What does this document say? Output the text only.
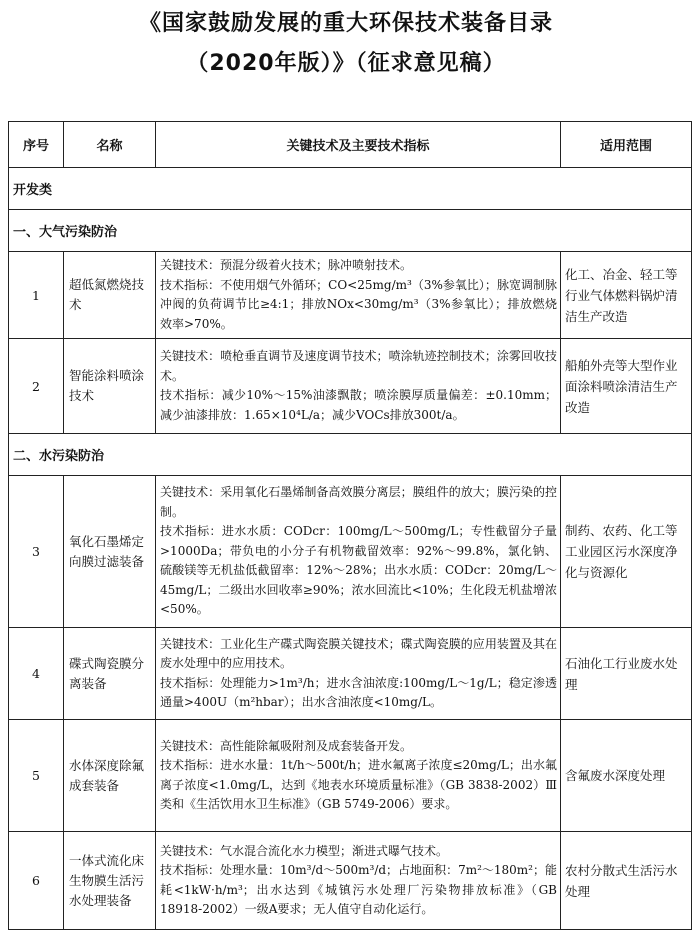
《国家鼓励发展的重大环保技术装备目录
（2020年版）》（征求意见稿）
序号	名称	关键技术及主要技术指标	适用范围
开发类			
一、大气污染防治			
1	超低氮燃烧技术	关键技术：预混分级着火技术；脉冲喷射技术。

技术指标：不使用烟气外循环；CO<25mg/m³（3%参氧比）；脉宽调制脉冲阀的负荷调节比≥4:1；排放NOx<30mg/m³（3%参氧比）；排放燃烧效率>70%。	化工、冶金、轻工等行业气体燃料锅炉清洁生产改造
2	智能涂料喷涂技术	关键技术：喷枪垂直调节及速度调节技术；喷涂轨迹控制技术；涂雾回收技术。

技术指标：减少10%～15%油漆飘散；喷涂膜厚质量偏差：±0.10mm；减少油漆排放：1.65×10⁴L/a；减少VOCs排放300t/a。	船舶外壳等大型作业面涂料喷涂清洁生产改造
二、水污染防治			
3	氧化石墨烯定向膜过滤装备	关键技术：采用氧化石墨烯制备高效膜分离层；膜组件的放大；膜污染的控制。

技术指标：进水水质：CODcr：100mg/L～500mg/L；专性截留分子量>1000Da；带负电的小分子有机物截留效率：92%～99.8%，氯化钠、硫酸镁等无机盐低截留率：12%～28%；出水水质：CODcr：20mg/L～45mg/L；二级出水回收率≥90%；浓水回流比<10%；生化段无机盐增浓<50%。	制药、农药、化工等工业园区污水深度净化与资源化
4	碟式陶瓷膜分离装备	关键技术：工业化生产碟式陶瓷膜关键技术；碟式陶瓷膜的应用装置及其在废水处理中的应用技术。

技术指标：处理能力>1m³/h；进水含油浓度:100mg/L～1g/L；稳定渗透通量>400U（m²hbar）；出水含油浓度<10mg/L。	石油化工行业废水处理
5	水体深度除氟成套装备	关键技术：高性能除氟吸附剂及成套装备开发。

技术指标：进水水量：1t/h～500t/h；进水氟离子浓度≤20mg/L；出水氟离子浓度<1.0mg/L，达到《地表水环境质量标准》（GB 3838-2002）Ⅲ类和《生活饮用水卫生标准》（GB 5749-2006）要求。	含氟废水深度处理
6	一体式流化床生物膜生活污水处理装备	关键技术：气水混合流化水力模型；渐进式曝气技术。

技术指标：处理水量：10m³/d～500m³/d；占地面积：7m²～180m²；能耗<1kW·h/m³；出水达到《城镇污水处理厂污染物排放标准》（GB 18918-2002）一级A要求；无人值守自动化运行。	农村分散式生活污水处理
